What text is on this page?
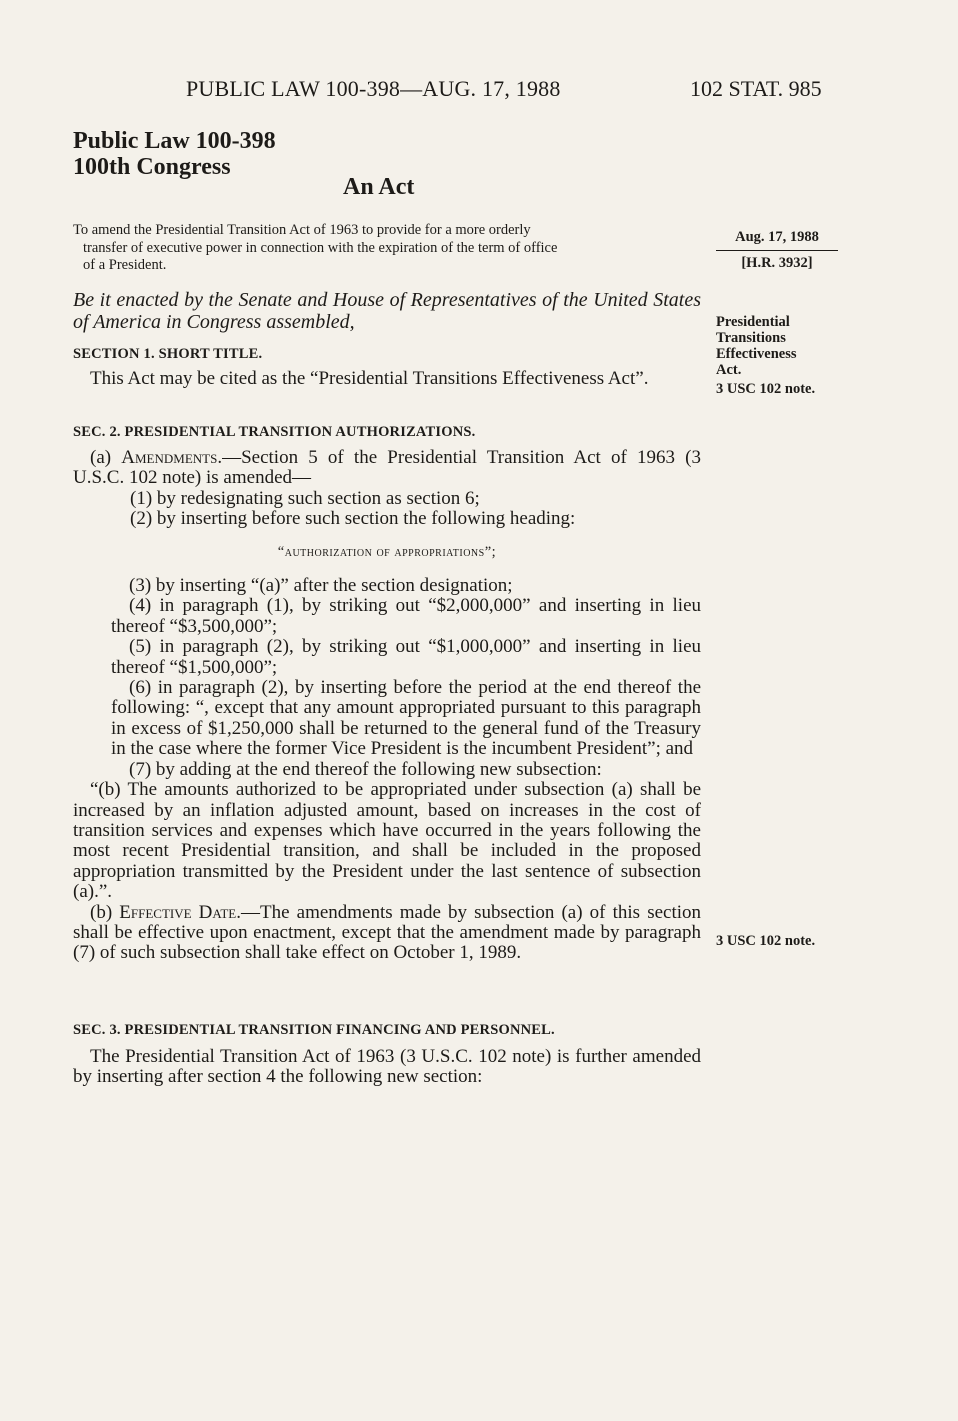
PUBLIC LAW 100-398—AUG. 17, 1988	102 STAT. 985
Public Law 100-398
100th Congress
An Act
To amend the Presidential Transition Act of 1963 to provide for a more orderly
transfer of executive power in connection with the expiration of the term of office
of a President.
Aug. 17, 1988
[H.R. 3932]
Be it enacted by the Senate and House of Representatives of the United States of America in Congress assembled,	Presidential
Transitions
Effectiveness
Act.
3 USC 102 note.
SECTION 1. SHORT TITLE.

This Act may be cited as the “Presidential Transitions Effectiveness Act”.

SEC. 2. PRESIDENTIAL TRANSITION AUTHORIZATIONS.

(a) Amendments.—Section 5 of the Presidential Transition Act of 1963 (3 U.S.C. 102 note) is amended—

(1) by redesignating such section as section 6;

(2) by inserting before such section the following heading:

“authorization of appropriations”;

(3) by inserting “(a)” after the section designation;

(4) in paragraph (1), by striking out “$2,000,000” and inserting in lieu thereof “$3,500,000”;

(5) in paragraph (2), by striking out “$1,000,000” and inserting in lieu thereof “$1,500,000”;

(6) in paragraph (2), by inserting before the period at the end thereof the following: “, except that any amount appropriated pursuant to this paragraph in excess of $1,250,000 shall be returned to the general fund of the Treasury in the case where the former Vice President is the incumbent President”; and

(7) by adding at the end thereof the following new subsection:

“(b) The amounts authorized to be appropriated under subsection (a) shall be increased by an inflation adjusted amount, based on increases in the cost of transition services and expenses which have occurred in the years following the most recent Presidential transition, and shall be included in the proposed appropriation transmitted by the President under the last sentence of subsection (a).”.

(b) Effective Date.—The amendments made by subsection (a) of this section shall be effective upon enactment, except that the amendment made by paragraph (7) of such subsection shall take effect on October 1, 1989.

3 USC 102 note.
SEC. 3. PRESIDENTIAL TRANSITION FINANCING AND PERSONNEL.

The Presidential Transition Act of 1963 (3 U.S.C. 102 note) is further amended by inserting after section 4 the following new section:
